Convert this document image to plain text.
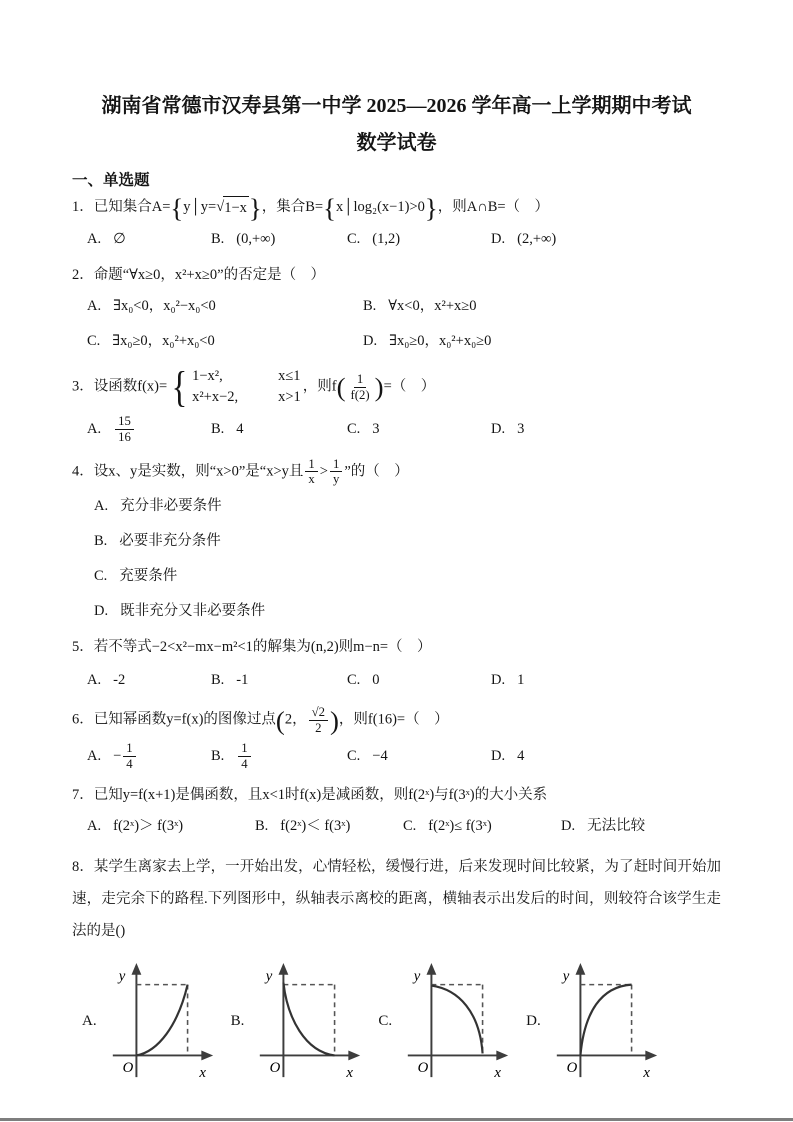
湖南省常德市汉寿县第一中学 2025—2026 学年高一上学期期中考试
数学试卷
一、单选题
1．已知集合A={y│y= √ 1−x }，集合B={x│log₂(x−1)>0}，则A∩B=（　）
A. ∅	B. (0,+∞)	C. (1,2)	D. (2,+∞)
2．命题“∀x≥0，x²+x≥0”的否定是（　）
A. ∃x₀<0，x₀²−x₀<0	B. ∀x<0，x²+x≥0
C. ∃x₀≥0，x₀²+x₀<0	D. ∃x₀≥0，x₀²+x₀≥0
3．设函数f(x)= { 1−x²,	x≤1
x²+x−2,	x>1
，则$f( \frac{1}{f(2)}$ )=（　）
A. $\frac{15}{16}$	B. 4	C. 3	D. 3
4．设x、y是实数，则“x>0”是“x>y且 $\frac{1}{x} > \frac{1}{y}$ ”的（　）
A. 充分非必要条件
B. 必要非充分条件
C. 充要条件
D. 既非充分又非必要条件
5．若不等式−2<x²−mx−m²<1的解集为(n,2)则m−n=（　）
A. -2	B. -1	C. 0	D. 1
6．已知幂函数y=f(x)的图像过点(2， $\frac{√2}{2}$ )，则f(16)=（　）
A. − $\frac{1}{4}$	B. $\frac{1}{4}$	C. −4	D. 4
7．已知y=f(x+1)是偶函数，且x<1时f(x)是减函数，则f(2ˣ)与f(3ˣ)的大小关系
A. f(2ˣ)＞ f(3ˣ)	B. f(2ˣ)＜ f(3ˣ)	C. f(2ˣ)≤ f(3ˣ)	D. 无法比较
8．某学生离家去上学，一开始出发，心情轻松，缓慢行进，后来发现时间比较紧，为了赶时间开始加速，走完余下的路程.下列图形中，纵轴表示离校的距离，横轴表示出发后的时间，则较符合该学生走法的是()
A.
y
O	x
B.
y
O	x
C.
y
O	x
D.
y
O	x
